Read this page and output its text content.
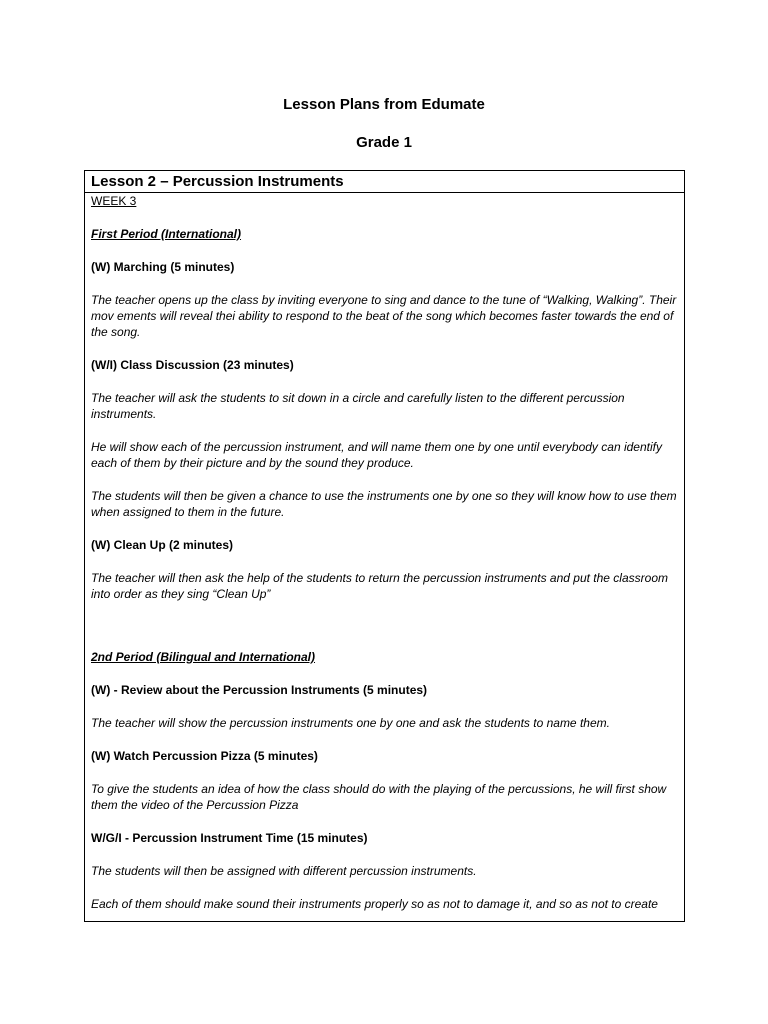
Lesson Plans from Edumate
Grade 1
Lesson 2 – Percussion Instruments

WEEK 3

First Period (International)

(W) Marching (5 minutes)

The teacher opens up the class by inviting everyone to sing and dance to the tune of “Walking, Walking”. Their mov ements will reveal thei ability to respond to the beat of the song which becomes faster towards the end of the song.

(W/I) Class Discussion (23 minutes)

The teacher will ask the students to sit down in a circle and carefully listen to the different percussion instruments.

He will show each of the percussion instrument, and will name them one by one until everybody can identify each of them by their picture and by the sound they produce.

The students will then be given a chance to use the instruments one by one so they will know how to use them when assigned to them in the future.

(W) Clean Up (2 minutes)

The teacher will then ask the help of the students to return the percussion instruments and put the classroom into order as they sing “Clean Up”

2nd Period (Bilingual and International)

(W) - Review about the Percussion Instruments (5 minutes)

The teacher will show the percussion instruments one by one and ask the students to name them.

(W) Watch Percussion Pizza (5 minutes)

To give the students an idea of how the class should do with the playing of the percussions, he will first show them the video of the Percussion Pizza

W/G/I - Percussion Instrument Time (15 minutes)

The students will then be assigned with different percussion instruments.

Each of them should make sound their instruments properly so as not to damage it, and so as not to create
